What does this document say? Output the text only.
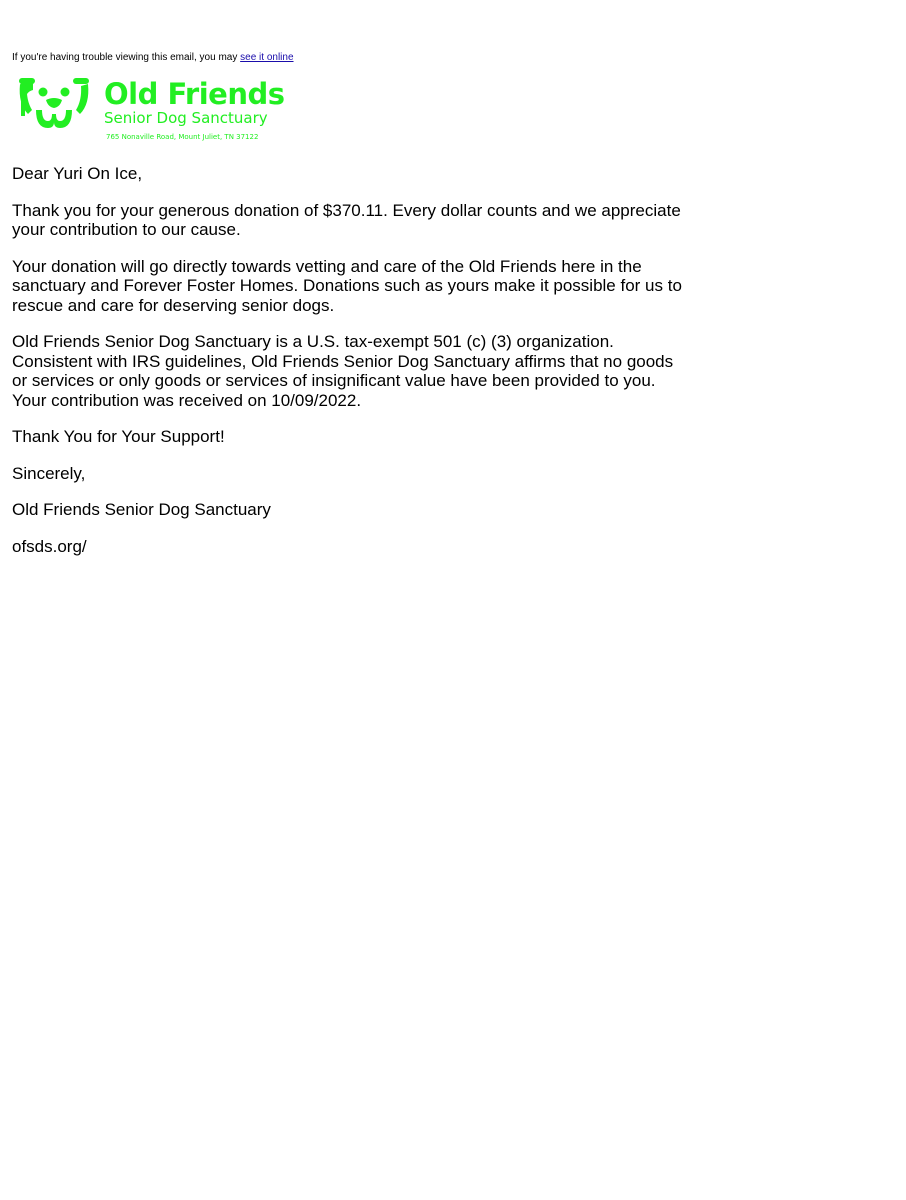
If you're having trouble viewing this email, you may see it online
Old Friends
Senior Dog Sanctuary
765 Nonaville Road, Mount Juliet, TN 37122

Dear Yuri On Ice,

Thank you for your generous donation of $370.11. Every dollar counts and we appreciate your contribution to our cause.

Your donation will go directly towards vetting and care of the Old Friends here in the sanctuary and Forever Foster Homes. Donations such as yours make it possible for us to rescue and care for deserving senior dogs.

Old Friends Senior Dog Sanctuary is a U.S. tax-exempt 501 (c) (3) organization. Consistent with IRS guidelines, Old Friends Senior Dog Sanctuary affirms that no goods or services or only goods or services of insignificant value have been provided to you. Your contribution was received on 10/09/2022.

Thank You for Your Support!

Sincerely,

Old Friends Senior Dog Sanctuary

ofsds.org/
